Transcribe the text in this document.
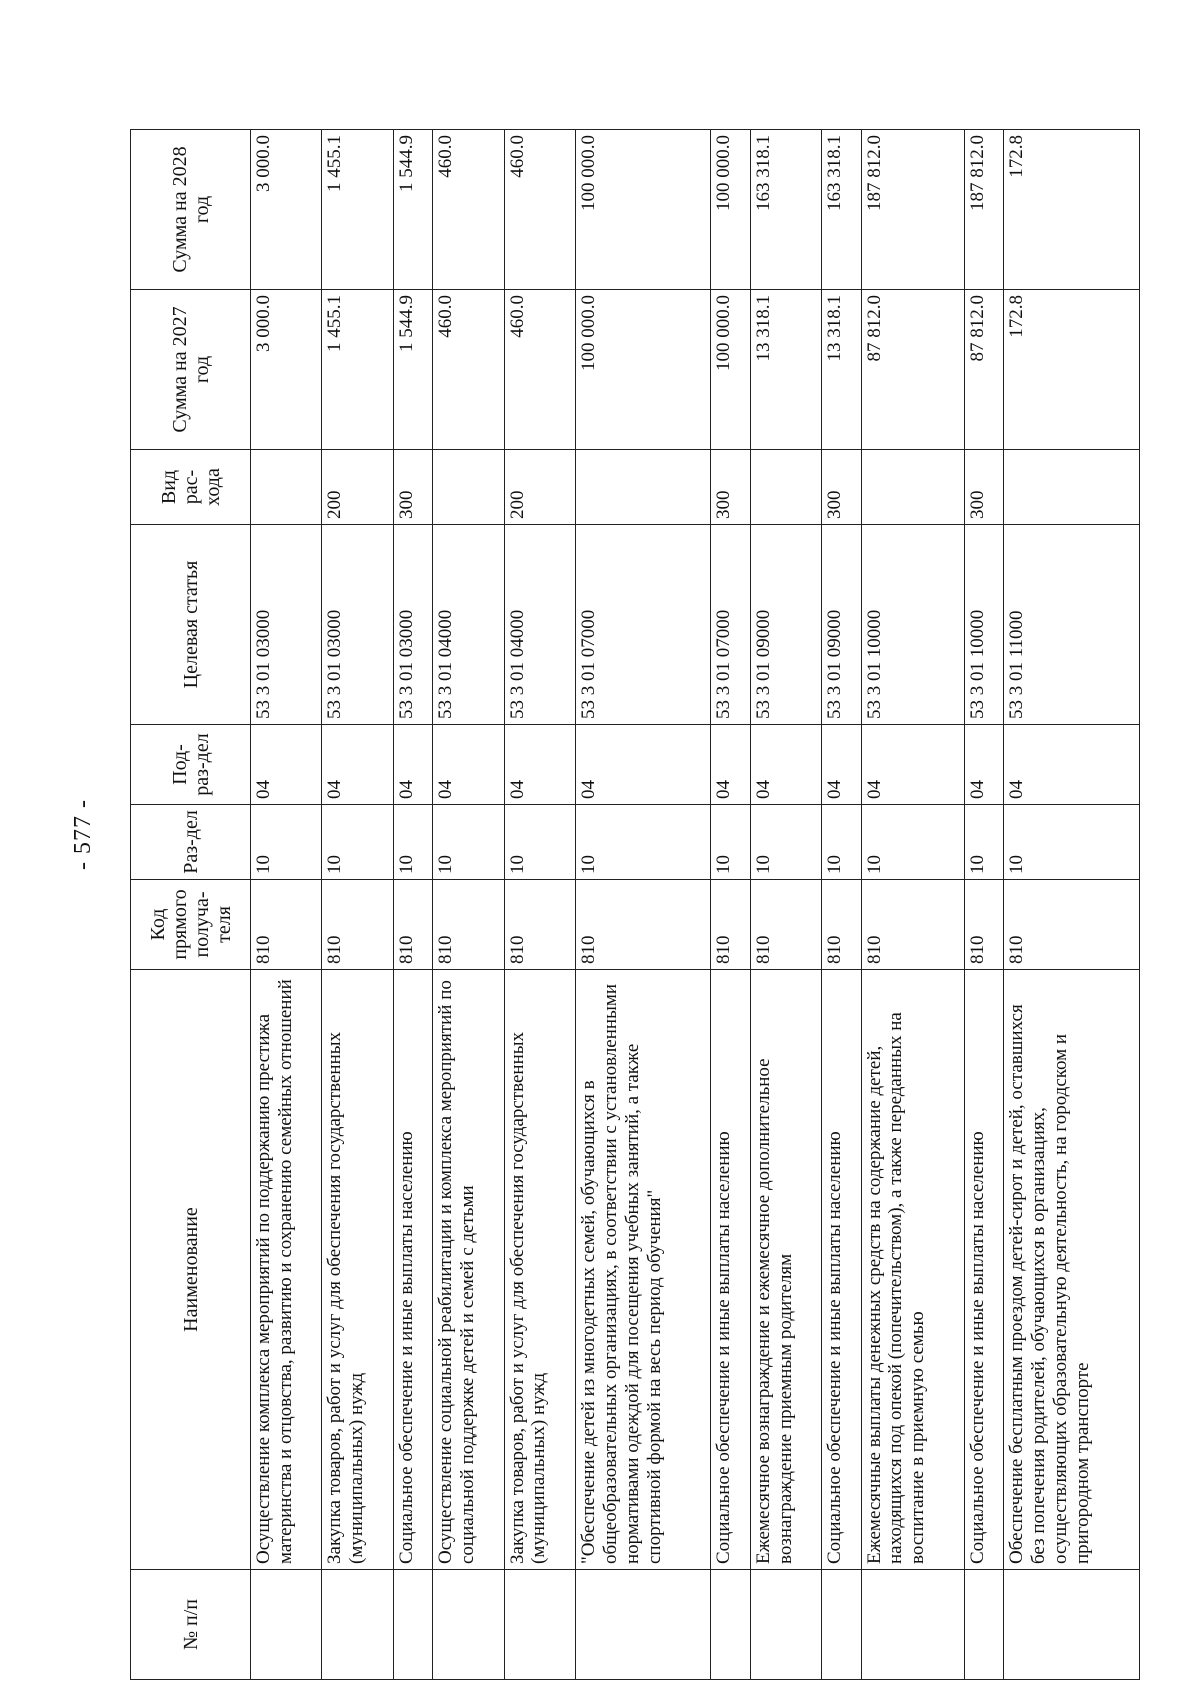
- 577 -
№ п/п	Наименование	Код прямого получа-теля	Раз-дел	Под-раз-дел	Целевая статья	Вид рас-хода	Сумма на 2027 год	Сумма на 2028 год
	Осуществление комплекса мероприятий по поддержанию престижа материнства и отцовства, развитию и сохранению семейных отношений	810	10	04	53 3 01 03000		3 000.0	3 000.0
	Закупка товаров, работ и услуг для обеспечения государственных (муниципальных) нужд	810	10	04	53 3 01 03000	200	1 455.1	1 455.1
	Социальное обеспечение и иные выплаты населению	810	10	04	53 3 01 03000	300	1 544.9	1 544.9
	Осуществление социальной реабилитации и комплекса мероприятий по социальной поддержке детей и семей с детьми	810	10	04	53 3 01 04000		460.0	460.0
	Закупка товаров, работ и услуг для обеспечения государственных (муниципальных) нужд	810	10	04	53 3 01 04000	200	460.0	460.0
	"Обеспечение детей из многодетных семей, обучающихся в общеобразовательных организациях, в соответствии с установленными нормативами одеждой для посещения учебных занятий, а также спортивной формой на весь период обучения"	810	10	04	53 3 01 07000		100 000.0	100 000.0
	Социальное обеспечение и иные выплаты населению	810	10	04	53 3 01 07000	300	100 000.0	100 000.0
	Ежемесячное вознаграждение и ежемесячное дополнительное вознаграждение приемным родителям	810	10	04	53 3 01 09000		13 318.1	163 318.1
	Социальное обеспечение и иные выплаты населению	810	10	04	53 3 01 09000	300	13 318.1	163 318.1
	Ежемесячные выплаты денежных средств на содержание детей, находящихся под опекой (попечительством), а также переданных на воспитание в приемную семью	810	10	04	53 3 01 10000		87 812.0	187 812.0
	Социальное обеспечение и иные выплаты населению	810	10	04	53 3 01 10000	300	87 812.0	187 812.0
	Обеспечение бесплатным проездом детей-сирот и детей, оставшихся без попечения родителей, обучающихся в организациях, осуществляющих образовательную деятельность, на городском и пригородном транспорте	810	10	04	53 3 01 11000		172.8	172.8
